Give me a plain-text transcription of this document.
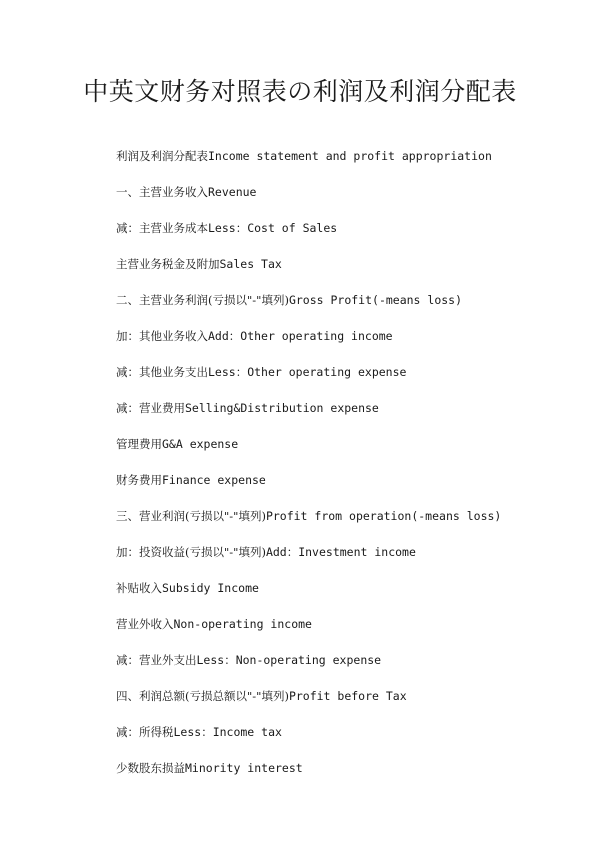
中英文财务对照表の利润及利润分配表
利润及利润分配表Income statement and profit appropriation
一、主营业务收入Revenue
减：主营业务成本Less：Cost of Sales
主营业务税金及附加Sales Tax
二、主营业务利润(亏损以"-"填列)Gross Profit(-means loss)
加：其他业务收入Add：Other operating income
减：其他业务支出Less：Other operating expense
减：营业费用Selling&Distribution expense
管理费用G&A expense
财务费用Finance expense
三、营业利润(亏损以"-"填列)Profit from operation(-means loss)
加：投资收益(亏损以"-"填列)Add：Investment income
补贴收入Subsidy Income
营业外收入Non-operating income
减：营业外支出Less：Non-operating expense
四、利润总额(亏损总额以"-"填列)Profit before Tax
减：所得税Less：Income tax
少数股东损益Minority interest
